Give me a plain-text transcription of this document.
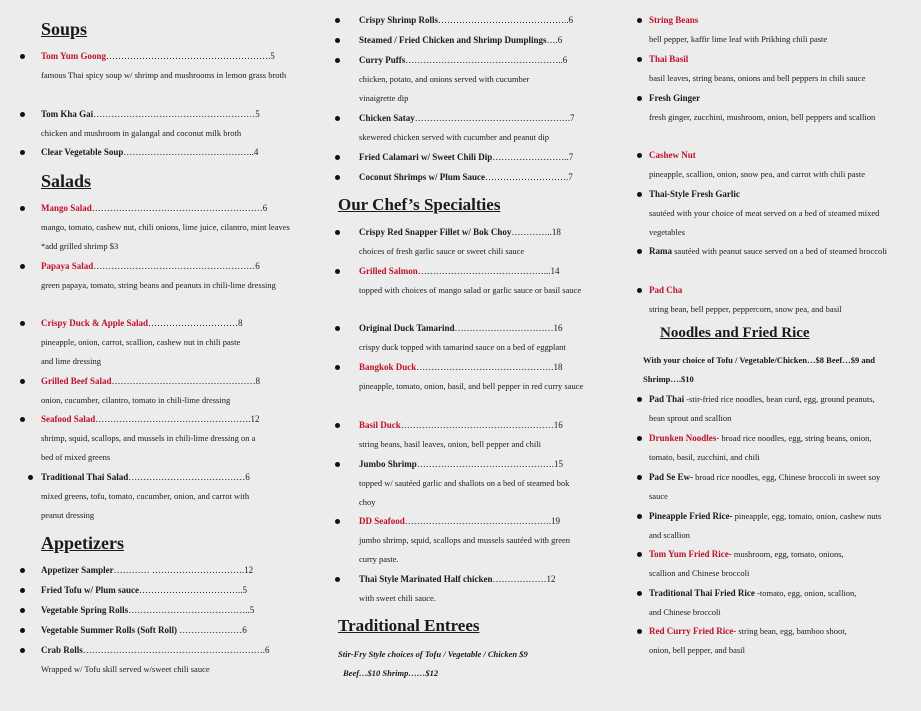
Soups
Tom Yum Goong……………………………………………….5
famous Thai spicy soup w/ shrimp and mushrooms in lemon grass broth
Tom Kha Gai………………………………………………5
chicken and mushroom in galangal and coconut milk broth
Clear Vegetable Soup……………………………………..4
Salads
Mango Salad…………………………………………………6
mango, tomato, cashew nut, chili onions, lime juice, cilantro, mint leaves *add grilled shrimp $3
Papaya Salad………………………………………………6
green papaya, tomato, string beans and peanuts in chili-lime dressing
Crispy Duck & Apple Salad…………………………8
pineapple, onion, carrot, scallion, cashew nut in chili paste and lime dressing
Grilled Beef Salad…………………………………………8
onion, cucumber, cilantro, tomato in chili-lime dressing
Seafood Salad…………………………………………….12
shrimp, squid, scallops, and mussels in chili-lime dressing on a bed of mixed greens
Traditional Thai Salad…………………………………6
mixed greens, tofu, tomato, cucumber, onion, and carrot with peanut dressing
Appetizers
Appetizer Sampler………… ………………………….12
Fried Tofu w/ Plum sauce……………………………..5
Vegetable Spring Rolls…………………………………..5
Vegetable Summer Rolls (Soft Roll) …………………6
Crab Rolls…………………………………………………….6
Wrapped w/ Tofu skill served w/sweet chili sauce
Crispy Shrimp Rolls……………………………………..6
Steamed / Fried Chicken and Shrimp Dumplings….6
Curry Puffs……………………………………………..6
chicken, potato, and onions served with cucumber vinaigrette dip
Chicken Satay…………………………………………….7
skewered chicken served with cucumber and peanut dip
Fried Calamari w/ Sweet Chili Dip……………………..7
Coconut Shrimps w/ Plum Sauce……………………….7
Our Chef’s Specialties
Crispy Red Snapper Fillet w/ Bok Choy…………..18
choices of fresh garlic sauce or sweet chili sauce
Grilled Salmon……………………………………...14
topped with choices of mango salad or garlic sauce or basil sauce
Original Duck Tamarind……………………………16
crispy duck topped with tamarind sauce on a bed of eggplant
Bangkok Duck……………………………………….18
pineapple, tomato, onion, basil, and bell pepper in red curry sauce
Basil Duck……………………………………………16
string beans, basil leaves, onion, bell pepper and chili
Jumbo Shrimp……………………………………….15
topped w/ sautéed garlic and shallots on a bed of steamed bok choy
DD Seafood………………………………………….19
jumbo shrimp, squid, scallops and mussels sautéed with green curry paste.
Thai Style Marinated Half chicken………………12
with sweet chili sauce.
Traditional Entrees
Stir-Fry Style choices of Tofu / Vegetable / Chicken $9
Beef…$10 Shrimp……$12
String Beans
bell pepper, kaffir lime leaf with Prikhing chili paste
Thai Basil
basil leaves, string beans, onions and bell peppers in chili sauce
Fresh Ginger
fresh ginger, zucchini, mushroom, onion, bell peppers and scallion
Cashew Nut
pineapple, scallion, onion, snow pea, and carrot with chili paste
Thai-Style Fresh Garlic
sautéed with your choice of meat served on a bed of steamed mixed vegetables
Rama sautéed with peanut sauce served on a bed of steamed broccoli
Pad Cha
string bean, bell pepper, peppercorn, snow pea, and basil
Noodles and Fried Rice
With your choice of Tofu / Vegetable/Chicken…$8 Beef…$9 and Shrimp….$10
Pad Thai -stir-fried rice noodles, bean curd, egg, ground peanuts, bean sprout and scallion
Drunken Noodles- broad rice noodles, egg, string beans, onion, tomato, basil, zucchini, and chili
Pad Se Ew- broad rice noodles, egg, Chinese broccoli in sweet soy sauce
Pineapple Fried Rice- pineapple, egg, tomato, onion, cashew nuts and scallion
Tom Yum Fried Rice- mushroom, egg, tomato, onions, scallion and Chinese broccoli
Traditional Thai Fried Rice -tomato, egg, onion, scallion, and Chinese broccoli
Red Curry Fried Rice- string bean, egg, bamboo shoot, onion, bell pepper, and basil
